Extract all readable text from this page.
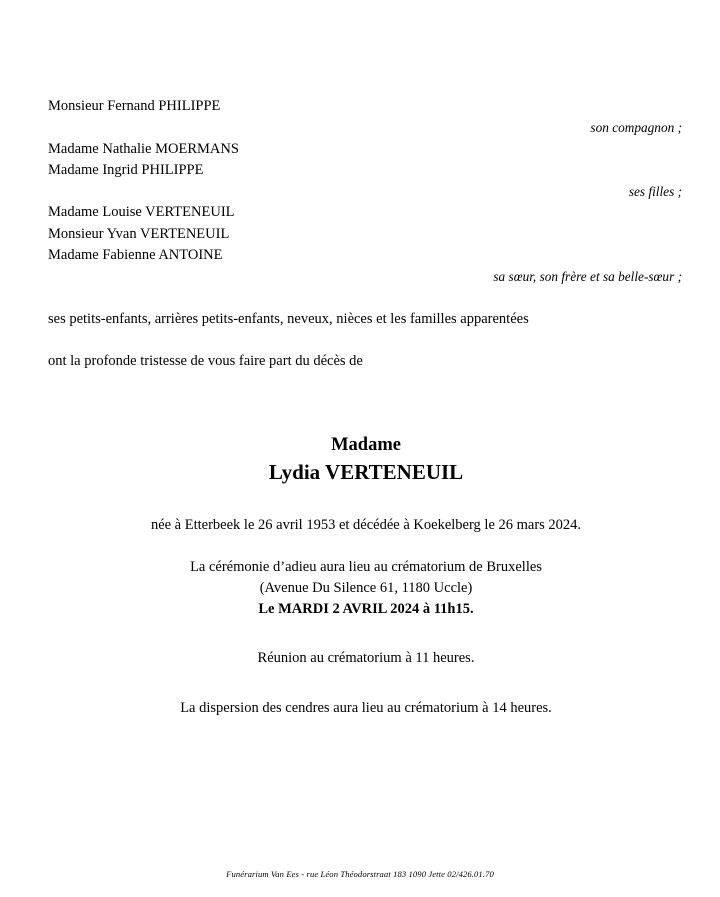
Monsieur Fernand PHILIPPE
son compagnon ;
Madame Nathalie MOERMANS
Madame Ingrid PHILIPPE
ses filles ;
Madame Louise VERTENEUIL
Monsieur Yvan VERTENEUIL
Madame Fabienne ANTOINE
sa sœur, son frère et sa belle-sœur ;
ses petits-enfants, arrières petits-enfants, neveux, nièces et les familles apparentées
ont la profonde tristesse de vous faire part du décès de
Madame
Lydia VERTENEUIL
née à Etterbeek le 26 avril 1953 et décédée à Koekelberg le 26 mars 2024.
La cérémonie d’adieu aura lieu au crématorium de Bruxelles
(Avenue Du Silence 61, 1180 Uccle)
Le MARDI 2 AVRIL 2024 à 11h15.
Réunion au crématorium à 11 heures.
La dispersion des cendres aura lieu au crématorium à 14 heures.
Funérarium Van Ees - rue Léon Théodorstraat 183 1090 Jette 02/426.01.70
